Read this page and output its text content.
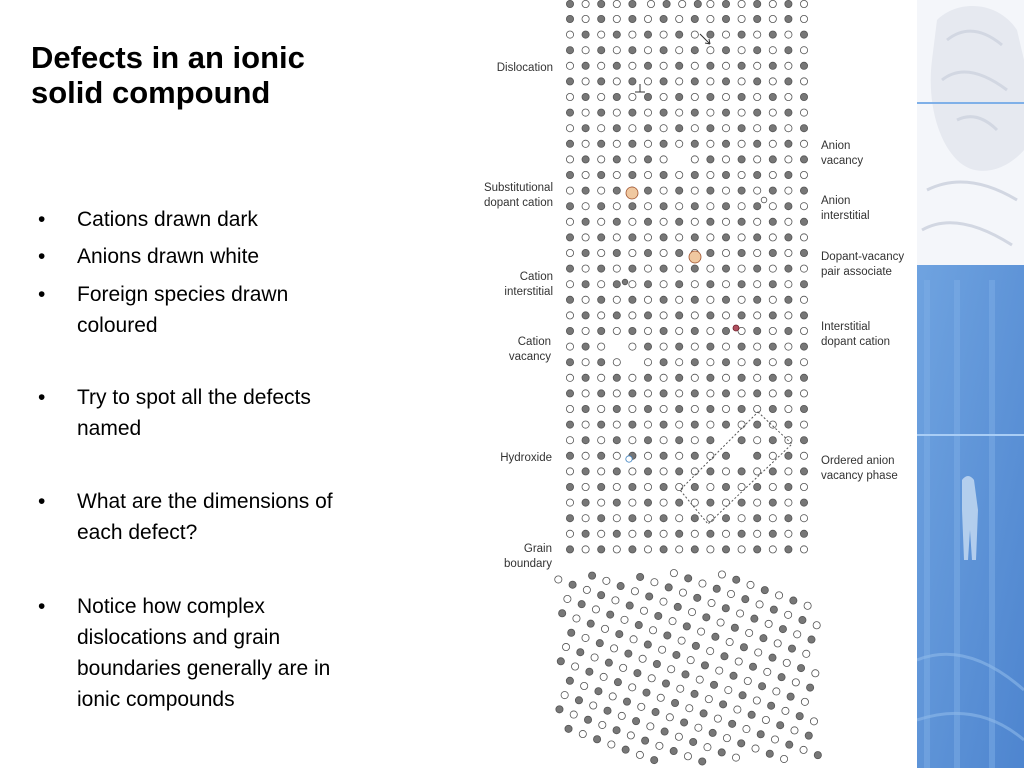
Defects in an ionic
solid compound
•	Cations drawn dark
•	Anions drawn white
•	Foreign species drawn
coloured
•	Try to spot all the defects
named
•	What are the dimensions of
each defect?
•	Notice how complex
dislocations and grain
boundaries generally are in
ionic compounds
Dislocation
Substitutional
dopant cation
Cation
interstitial
Cation
vacancy
Hydroxide
Grain
boundary
Anion
vacancy
Anion
interstitial
Dopant-vacancy
pair associate
Interstitial
dopant cation
Ordered anion
vacancy phase
